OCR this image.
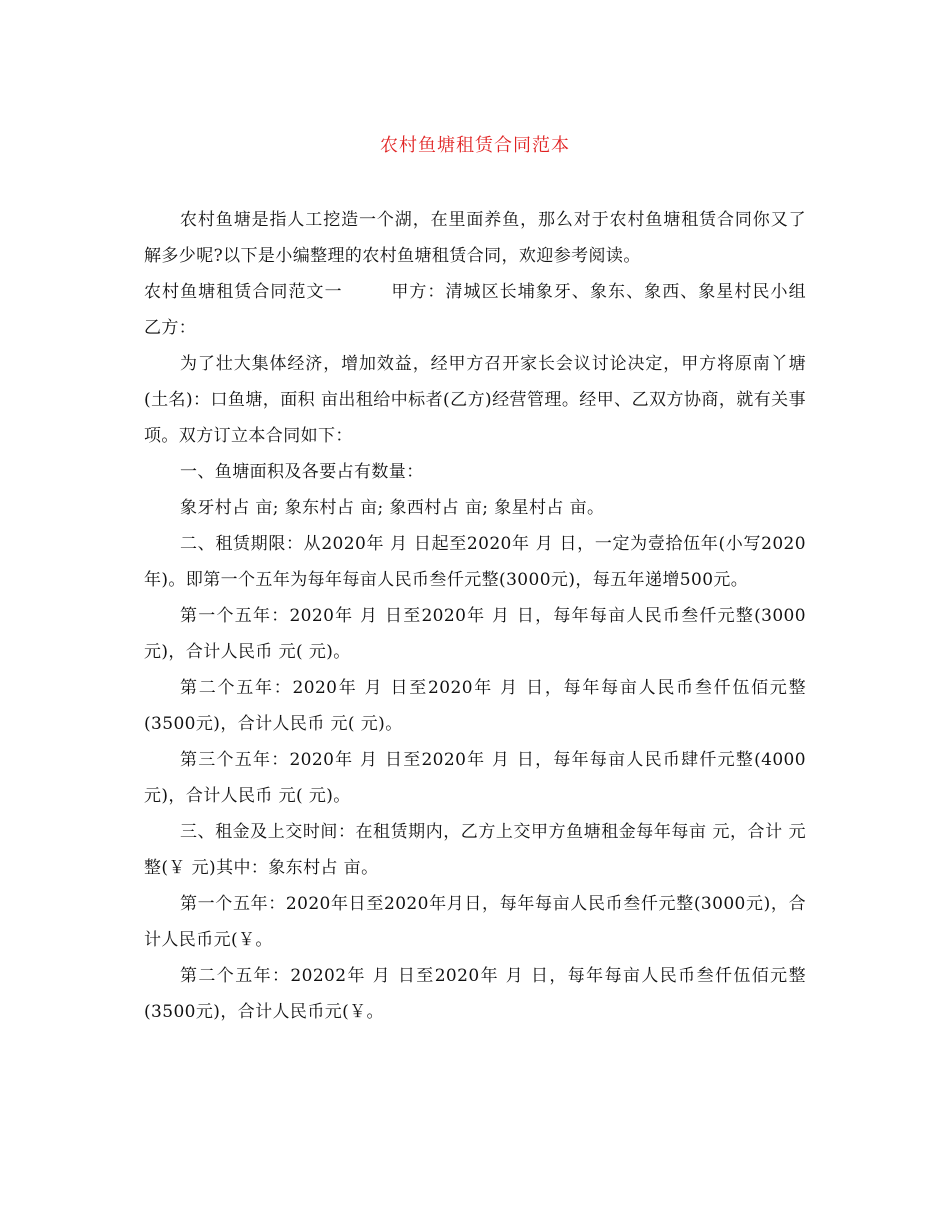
农村鱼塘租赁合同范本

农村鱼塘是指人工挖造一个湖，在里面养鱼，那么对于农村鱼塘租赁合同你又了解多少呢?以下是小编整理的农村鱼塘租赁合同，欢迎参考阅读。

农村鱼塘租赁合同范文一	甲方：清城区长埔象牙、象东、象西、象星村民小组 乙方：

为了壮大集体经济，增加效益，经甲方召开家长会议讨论决定，甲方将原南丫塘(土名)：口鱼塘，面积 亩出租给中标者(乙方)经营管理。经甲、乙双方协商，就有关事项。双方订立本合同如下：

一、鱼塘面积及各要占有数量：

象牙村占 亩; 象东村占 亩; 象西村占 亩; 象星村占 亩。

二、租赁期限：从2020年 月 日起至2020年 月 日，一定为壹拾伍年(小写2020年)。即第一个五年为每年每亩人民币叁仟元整(3000元)，每五年递增500元。

第一个五年：2020年 月 日至2020年 月 日，每年每亩人民币叁仟元整(3000元)，合计人民币 元( 元)。

第二个五年：2020年 月 日至2020年 月 日，每年每亩人民币叁仟伍佰元整(3500元)，合计人民币 元( 元)。

第三个五年：2020年 月 日至2020年 月 日，每年每亩人民币肆仟元整(4000元)，合计人民币 元( 元)。

三、租金及上交时间：在租赁期内，乙方上交甲方鱼塘租金每年每亩 元，合计 元整(￥ 元)其中：象东村占 亩。

第一个五年：2020年日至2020年月日，每年每亩人民币叁仟元整(3000元)，合计人民币元(￥。

第二个五年：20202年 月 日至2020年 月 日，每年每亩人民币叁仟伍佰元整(3500元)，合计人民币元(￥。
